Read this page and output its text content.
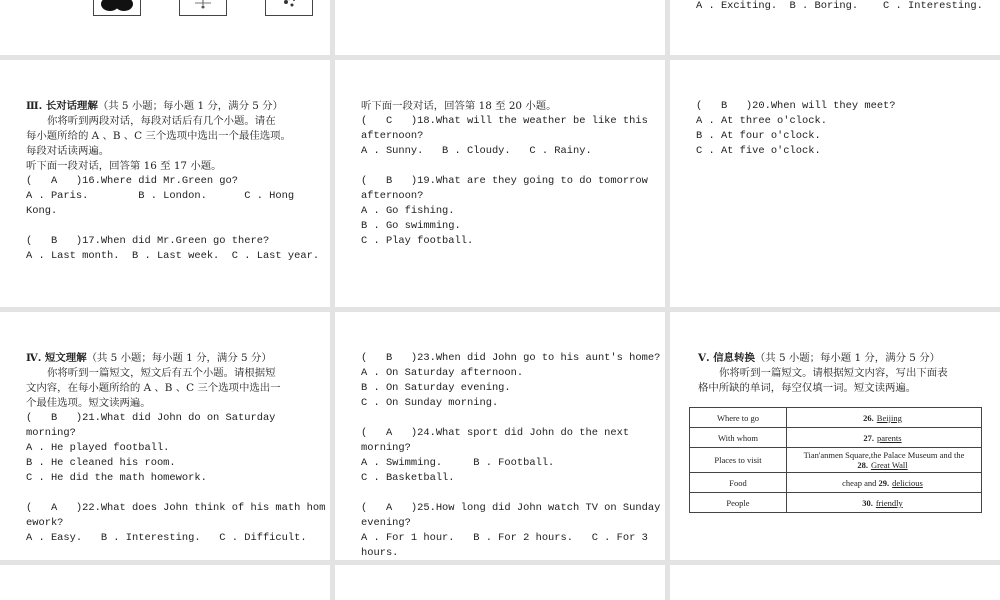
A . Exciting.  B . Boring.    C . Interesting.
Ⅲ. 长对话理解（共 5 小题；每小题 1 分，满分 5 分）
你将听到两段对话，每段对话后有几个小题。请在
每小题所给的 A 、B 、C 三个选项中选出一个最佳选项。
每段对话读两遍。
听下面一段对话，回答第 16 至 17 小题。
(   A   )16.Where did Mr.Green go?
A . Paris.        B . London.      C . Hong Kong.
(   B   )17.When did Mr.Green go there?
A . Last month.  B . Last week.  C . Last year.
听下面一段对话，回答第 18 至 20 小题。
(   C   )18.What will the weather be like this
afternoon?
A . Sunny.   B . Cloudy.   C . Rainy.
(   B   )19.What are they going to do tomorrow
afternoon?
A . Go fishing.
B . Go swimming.
C . Play football.
(   B   )20.When will they meet?
A . At three o'clock.
B . At four o'clock.
C . At five o'clock.
Ⅳ. 短文理解（共 5 小题；每小题 1 分，满分 5 分）
你将听到一篇短文，短文后有五个小题。请根据短
文内容，在每小题所给的 A 、B 、C 三个选项中选出一
个最佳选项。短文读两遍。
(   B   )21.What did John do on Saturday morning?
A . He played football.
B . He cleaned his room.
C . He did the math homework.
(   A   )22.What does John think of his math hom
ework?
A . Easy.   B . Interesting.   C . Difficult.
(   B   )23.When did John go to his aunt's home?
A . On Saturday afternoon.
B . On Saturday evening.
C . On Sunday morning.
(   A   )24.What sport did John do the next
morning?
A . Swimming.     B . Football.
C . Basketball.
(   A   )25.How long did John watch TV on Sunday
evening?
A . For 1 hour.   B . For 2 hours.   C . For 3
hours.
Ⅴ. 信息转换（共 5 小题；每小题 1 分，满分 5 分）
你将听到一篇短文。请根据短文内容，写出下面表
格中所缺的单词，每空仅填一词。短文读两遍。
Where to go	26. Beijing
With whom	27. parents
Places to visit	Tian'anmen Square,the Palace Museum and the
28. Great Wall
Food	cheap and 29. delicious
People	30. friendly
